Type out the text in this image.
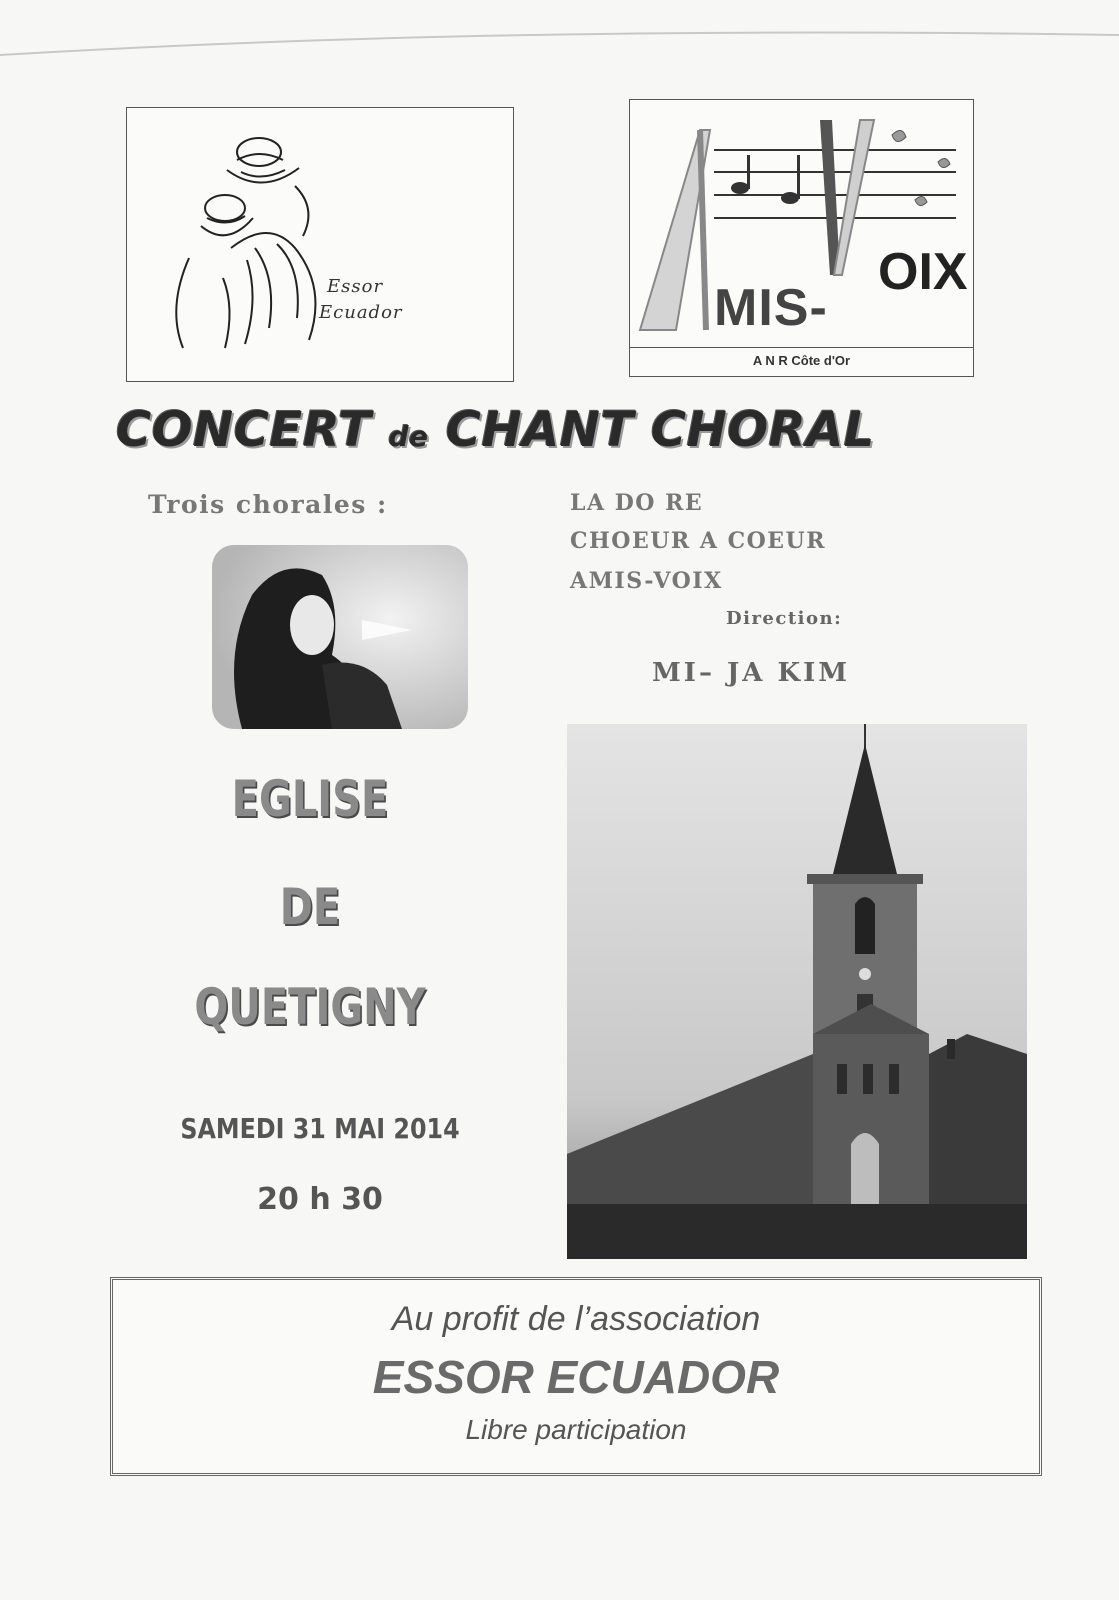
Essor
Ecuador	MIS-
OIX
A N R Côte d'Or
CONCERT de CHANT CHORAL
Trois chorales :	LA DO RE
CHOEUR A COEUR
AMIS-VOIX
Direction:
MI– JA KIM
EGLISE
DE
QUETIGNY
SAMEDI 31 MAI 2014
20 h 30
Au profit de l’association
ESSOR ECUADOR
Libre participation
